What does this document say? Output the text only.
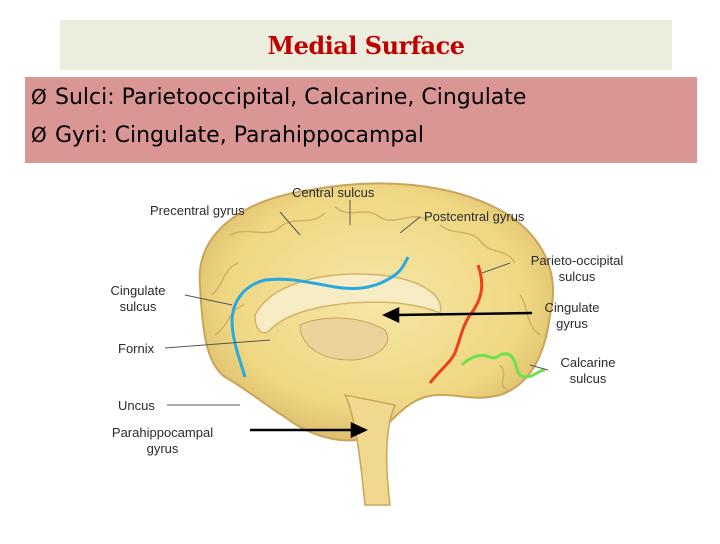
Medial Surface
Ø Sulci: Parietooccipital, Calcarine, Cingulate
Ø Gyri: Cingulate, Parahippocampal
Central sulcus
Precentral gyrus	Postcentral gyrus
Parieto-occipital sulcus
Cingulate sulcus	Cingulate gyrus
Fornix
Calcarine sulcus
Uncus
Parahippocampal gyrus
